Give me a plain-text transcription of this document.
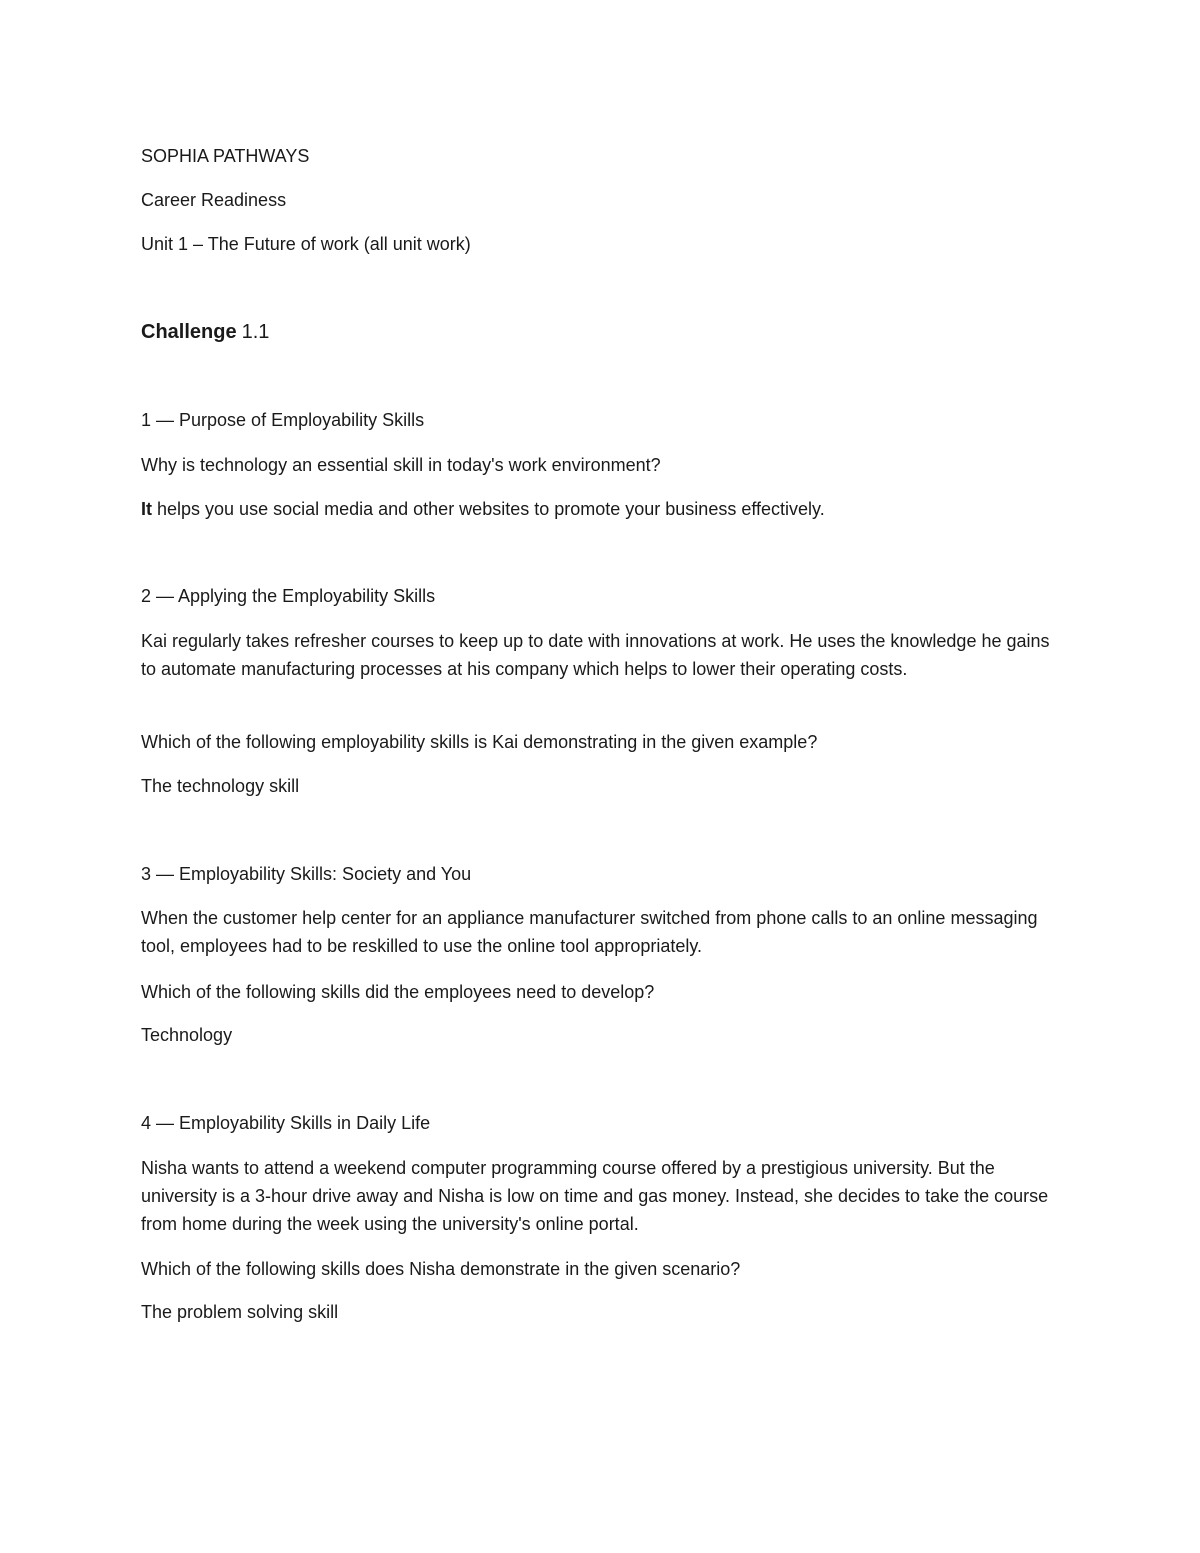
SOPHIA PATHWAYS
Career Readiness
Unit 1 – The Future of work (all unit work)
Challenge 1.1
1 — Purpose of Employability Skills
Why is technology an essential skill in today's work environment?
It helps you use social media and other websites to promote your business effectively.
2 — Applying the Employability Skills
Kai regularly takes refresher courses to keep up to date with innovations at work. He uses the knowledge he gains to automate manufacturing processes at his company which helps to lower their operating costs.
Which of the following employability skills is Kai demonstrating in the given example?
The technology skill
3 — Employability Skills: Society and You
When the customer help center for an appliance manufacturer switched from phone calls to an online messaging tool, employees had to be reskilled to use the online tool appropriately.
Which of the following skills did the employees need to develop?
Technology
4 — Employability Skills in Daily Life
Nisha wants to attend a weekend computer programming course offered by a prestigious university. But the university is a 3-hour drive away and Nisha is low on time and gas money. Instead, she decides to take the course from home during the week using the university's online portal.
Which of the following skills does Nisha demonstrate in the given scenario?
The problem solving skill
